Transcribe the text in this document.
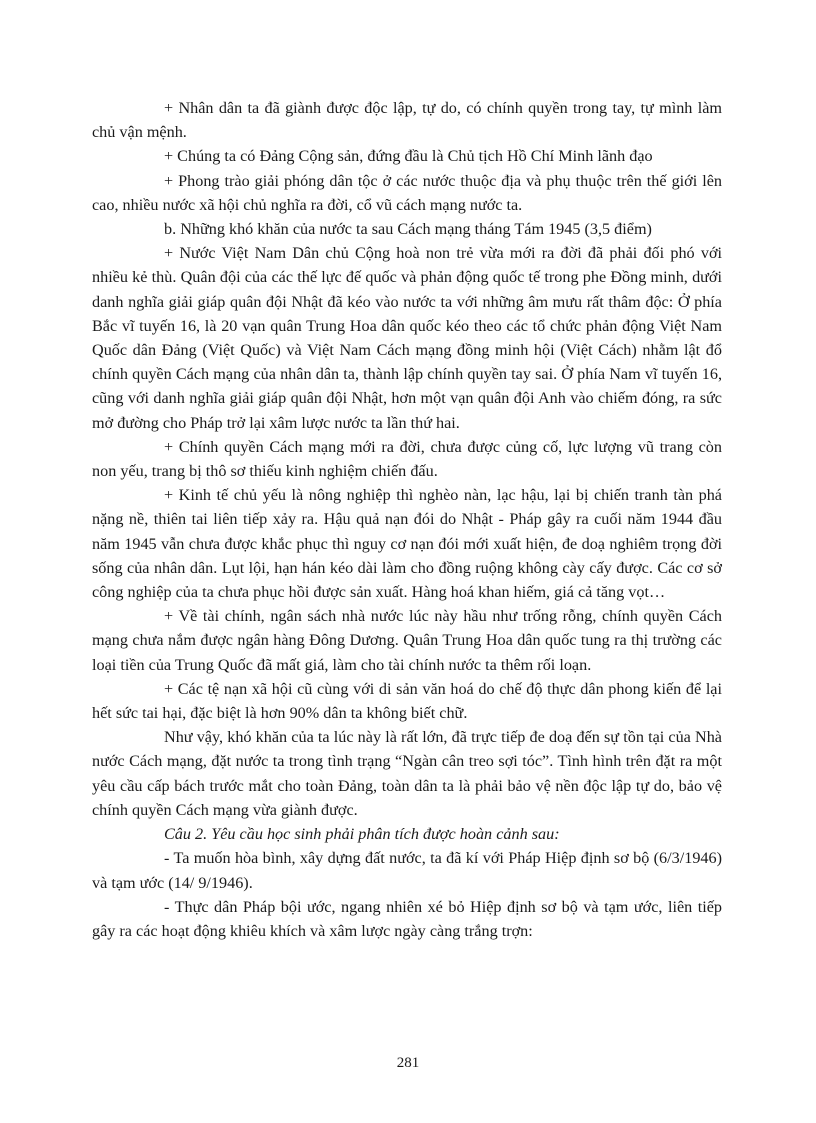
+ Nhân dân ta đã giành được độc lập, tự do, có chính quyền trong tay, tự mình làm chủ vận mệnh.

+ Chúng ta có Đảng Cộng sản, đứng đầu là Chủ tịch Hồ Chí Minh lãnh đạo

+ Phong trào giải phóng dân tộc ở các nước thuộc địa và phụ thuộc trên thế giới lên cao, nhiều nước xã hội chủ nghĩa ra đời, cổ vũ cách mạng nước ta.

b. Những khó khăn của nước ta sau Cách mạng tháng Tám 1945 (3,5 điểm)

+ Nước Việt Nam Dân chủ Cộng hoà non trẻ vừa mới ra đời đã phải đối phó với nhiều kẻ thù. Quân đội của các thế lực đế quốc và phản động quốc tế trong phe Đồng minh, dưới danh nghĩa giải giáp quân đội Nhật đã kéo vào nước ta với những âm mưu rất thâm độc: Ở phía Bắc vĩ tuyến 16, là 20 vạn quân Trung Hoa dân quốc kéo theo các tổ chức phản động Việt Nam Quốc dân Đảng (Việt Quốc) và Việt Nam Cách mạng đồng minh hội (Việt Cách) nhằm lật đổ chính quyền Cách mạng của nhân dân ta, thành lập chính quyền tay sai. Ở phía Nam vĩ tuyến 16, cũng với danh nghĩa giải giáp quân đội Nhật, hơn một vạn quân đội Anh vào chiếm đóng, ra sức mở đường cho Pháp trở lại xâm lược nước ta lần thứ hai.

+ Chính quyền Cách mạng mới ra đời, chưa được củng cố, lực lượng vũ trang còn non yếu, trang bị thô sơ thiếu kinh nghiệm chiến đấu.

+ Kinh tế chủ yếu là nông nghiệp thì nghèo nàn, lạc hậu, lại bị chiến tranh tàn phá nặng nề, thiên tai liên tiếp xảy ra. Hậu quả nạn đói do Nhật - Pháp gây ra cuối năm 1944 đầu năm 1945 vẫn chưa được khắc phục thì nguy cơ nạn đói mới xuất hiện, đe doạ nghiêm trọng đời sống của nhân dân. Lụt lội, hạn hán kéo dài làm cho đồng ruộng không cày cấy được. Các cơ sở công nghiệp của ta chưa phục hồi được sản xuất. Hàng hoá khan hiếm, giá cả tăng vọt…

+ Về tài chính, ngân sách nhà nước lúc này hầu như trống rỗng, chính quyền Cách mạng chưa nắm được ngân hàng Đông Dương. Quân Trung Hoa dân quốc tung ra thị trường các loại tiền của Trung Quốc đã mất giá, làm cho tài chính nước ta thêm rối loạn.

+ Các tệ nạn xã hội cũ cùng với di sản văn hoá do chế độ thực dân phong kiến để lại hết sức tai hại, đặc biệt là hơn 90% dân ta không biết chữ.

Như vậy, khó khăn của ta lúc này là rất lớn, đã trực tiếp đe doạ đến sự tồn tại của Nhà nước Cách mạng, đặt nước ta trong tình trạng “Ngàn cân treo sợi tóc”. Tình hình trên đặt ra một yêu cầu cấp bách trước mắt cho toàn Đảng, toàn dân ta là phải bảo vệ nền độc lập tự do, bảo vệ chính quyền Cách mạng vừa giành được.

Câu 2. Yêu cầu học sinh phải phân tích được hoàn cảnh sau:

- Ta muốn hòa bình, xây dựng đất nước, ta đã kí với Pháp Hiệp định sơ bộ (6/3/1946) và tạm ước (14/ 9/1946).

- Thực dân Pháp bội ước, ngang nhiên xé bỏ Hiệp định sơ bộ và tạm ước, liên tiếp gây ra các hoạt động khiêu khích và xâm lược ngày càng trắng trợn:

281
